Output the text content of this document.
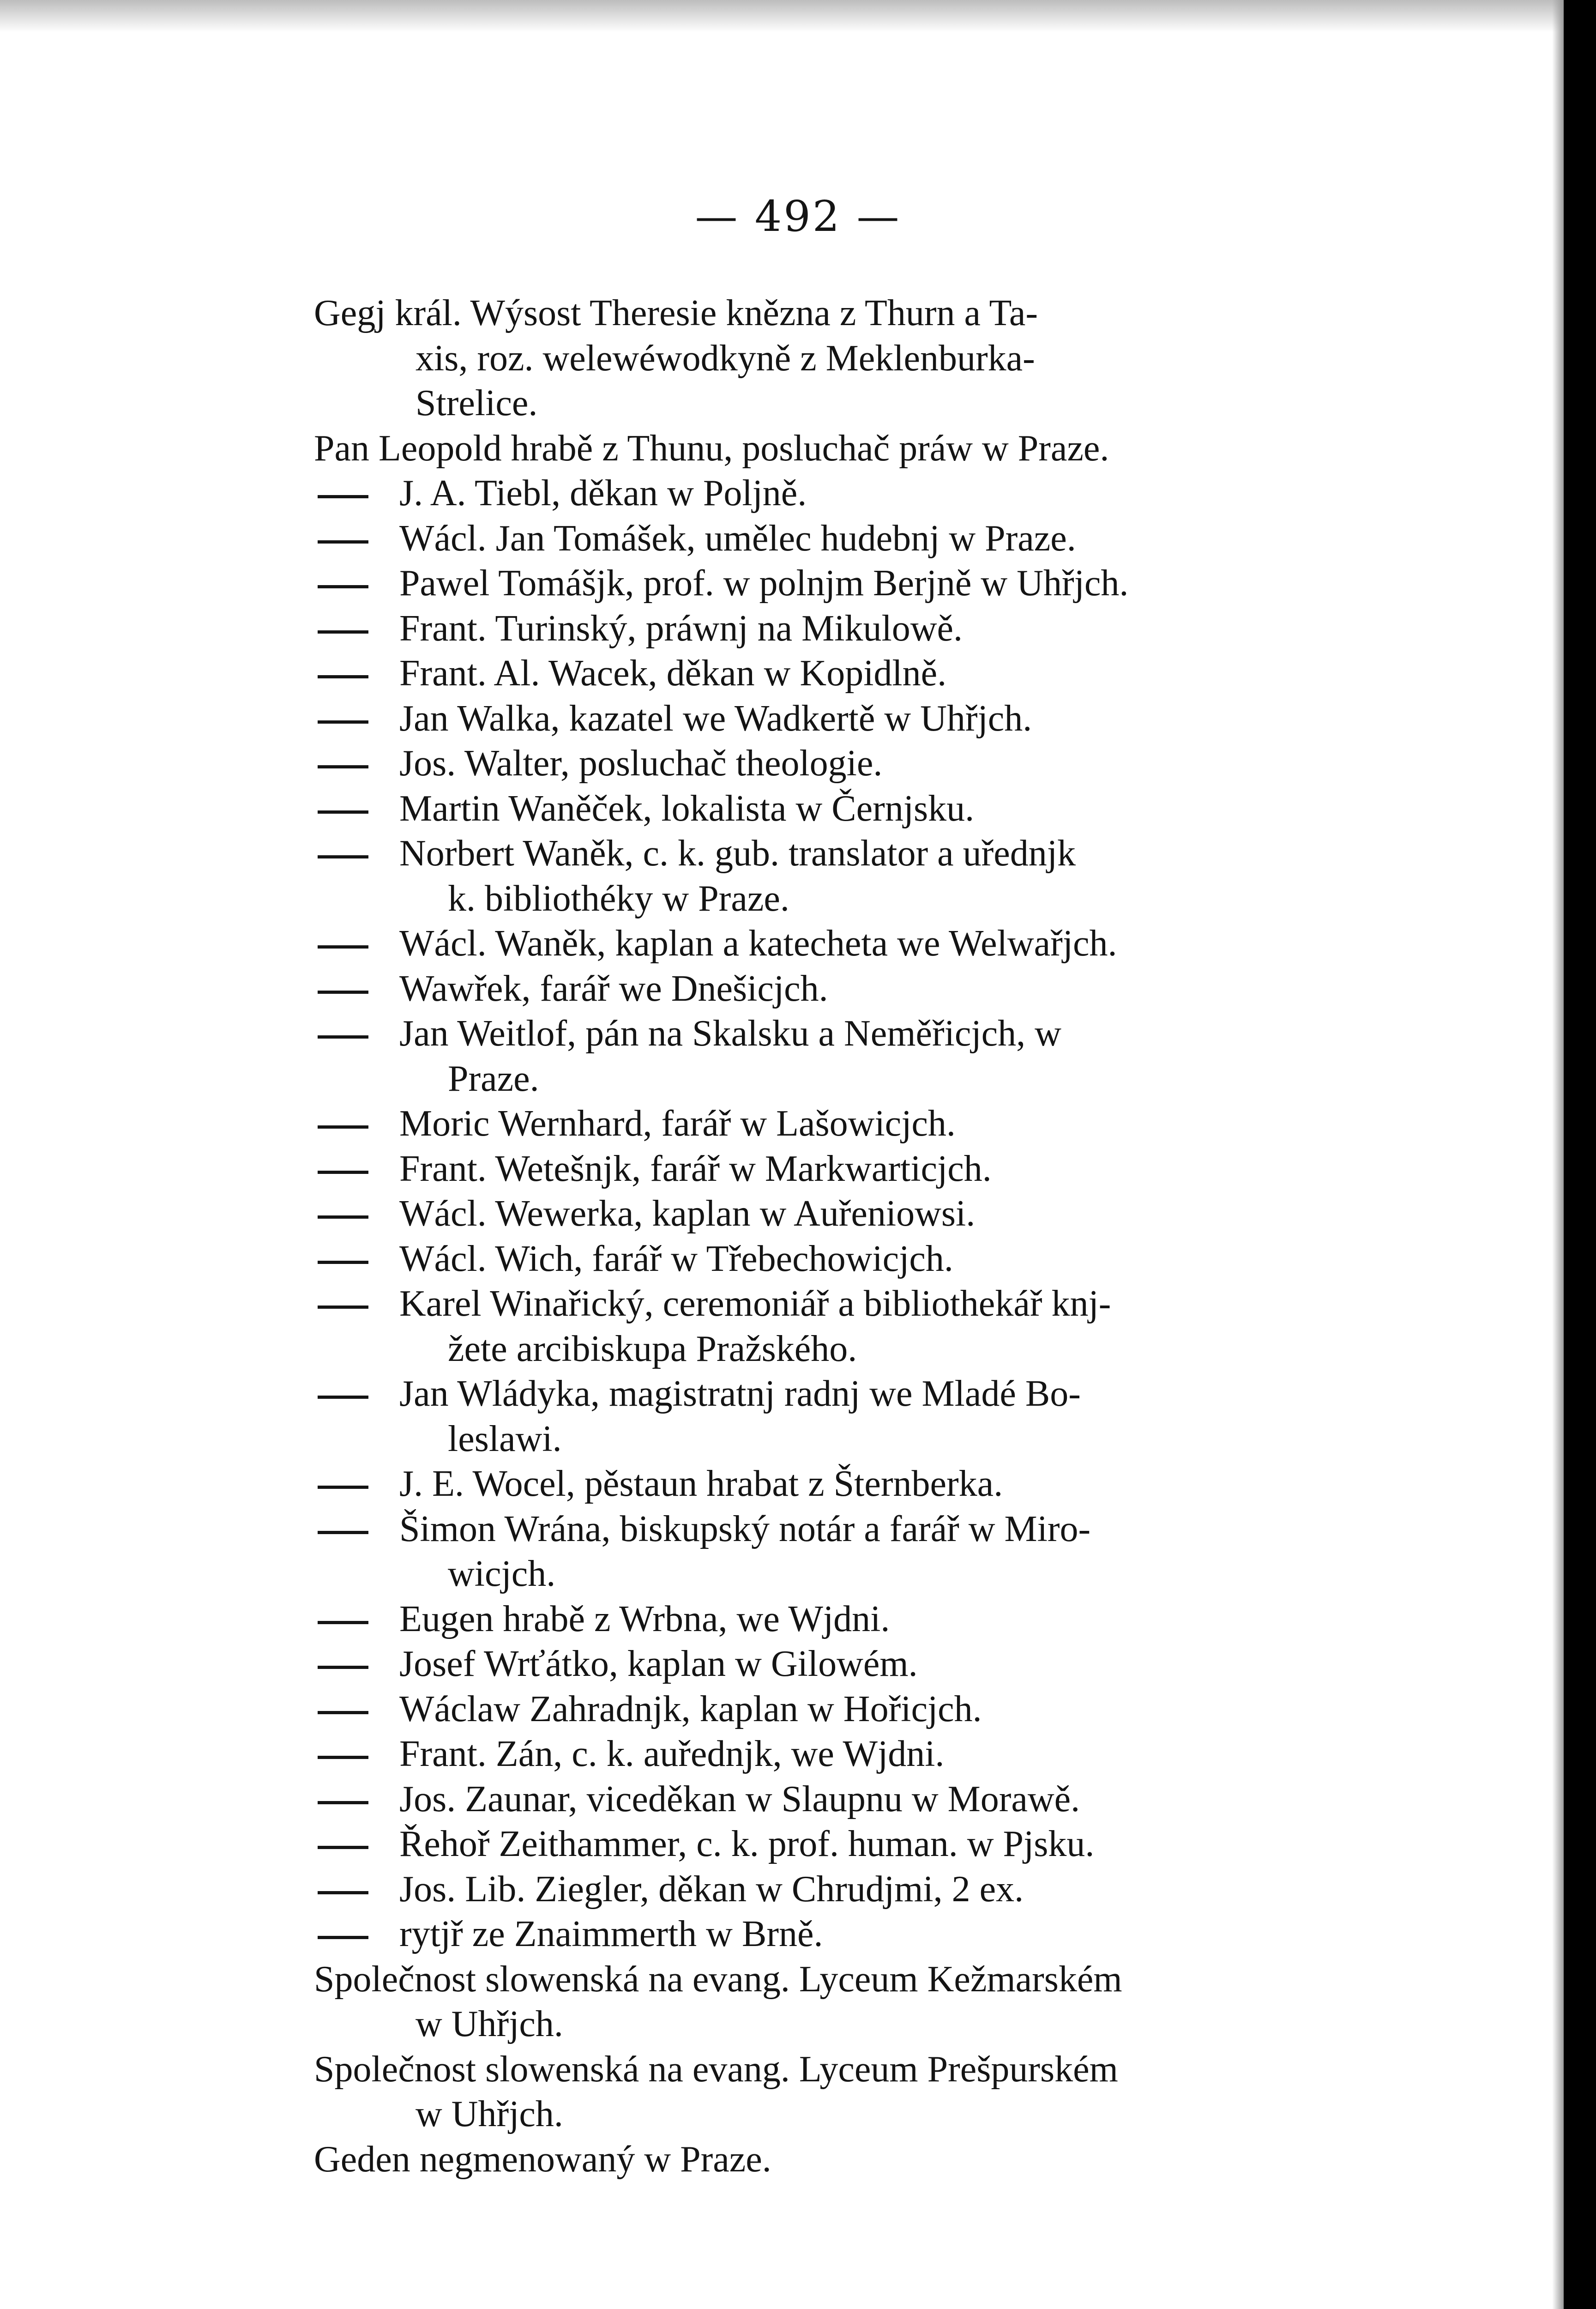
— 492 —
Gegj král. Wýsost Theresie knězna z Thurn a Ta-
xis, roz. welewéwodkyně z Meklenburka-
Strelice.
Pan Leopold hrabě z Thunu, posluchač práw w Praze.
J. A. Tiebl, děkan w Poljně.
Wácl. Jan Tomášek, umělec hudebnj w Praze.
Pawel Tomášjk, prof. w polnjm Berjně w Uhřjch.
Frant. Turinský, práwnj na Mikulowě.
Frant. Al. Wacek, děkan w Kopidlně.
Jan Walka, kazatel we Wadkertě w Uhřjch.
Jos. Walter, posluchač theologie.
Martin Waněček, lokalista w Černjsku.
Norbert Waněk, c. k. gub. translator a uřednjk
k. bibliothéky w Praze.
Wácl. Waněk, kaplan a katecheta we Welwařjch.
Wawřek, farář we Dnešicjch.
Jan Weitlof, pán na Skalsku a Neměřicjch, w
Praze.
Moric Wernhard, farář w Lašowicjch.
Frant. Wetešnjk, farář w Markwarticjch.
Wácl. Wewerka, kaplan w Auřeniowsi.
Wácl. Wich, farář w Třebechowicjch.
Karel Winařický, ceremoniář a bibliothekář knj-
žete arcibiskupa Pražského.
Jan Wládyka, magistratnj radnj we Mladé Bo-
leslawi.
J. E. Wocel, pěstaun hrabat z Šternberka.
Šimon Wrána, biskupský notár a farář w Miro-
wicjch.
Eugen hrabě z Wrbna, we Wjdni.
Josef Wrťátko, kaplan w Gilowém.
Wáclaw Zahradnjk, kaplan w Hořicjch.
Frant. Zán, c. k. auřednjk, we Wjdni.
Jos. Zaunar, viceděkan w Slaupnu w Morawě.
Řehoř Zeithammer, c. k. prof. human. w Pjsku.
Jos. Lib. Ziegler, děkan w Chrudjmi, 2 ex.
rytjř ze Znaimmerth w Brně.
Společnost slowenská na evang. Lyceum Kežmarském
w Uhřjch.
Společnost slowenská na evang. Lyceum Prešpurském
w Uhřjch.
Geden negmenowaný w Praze.
